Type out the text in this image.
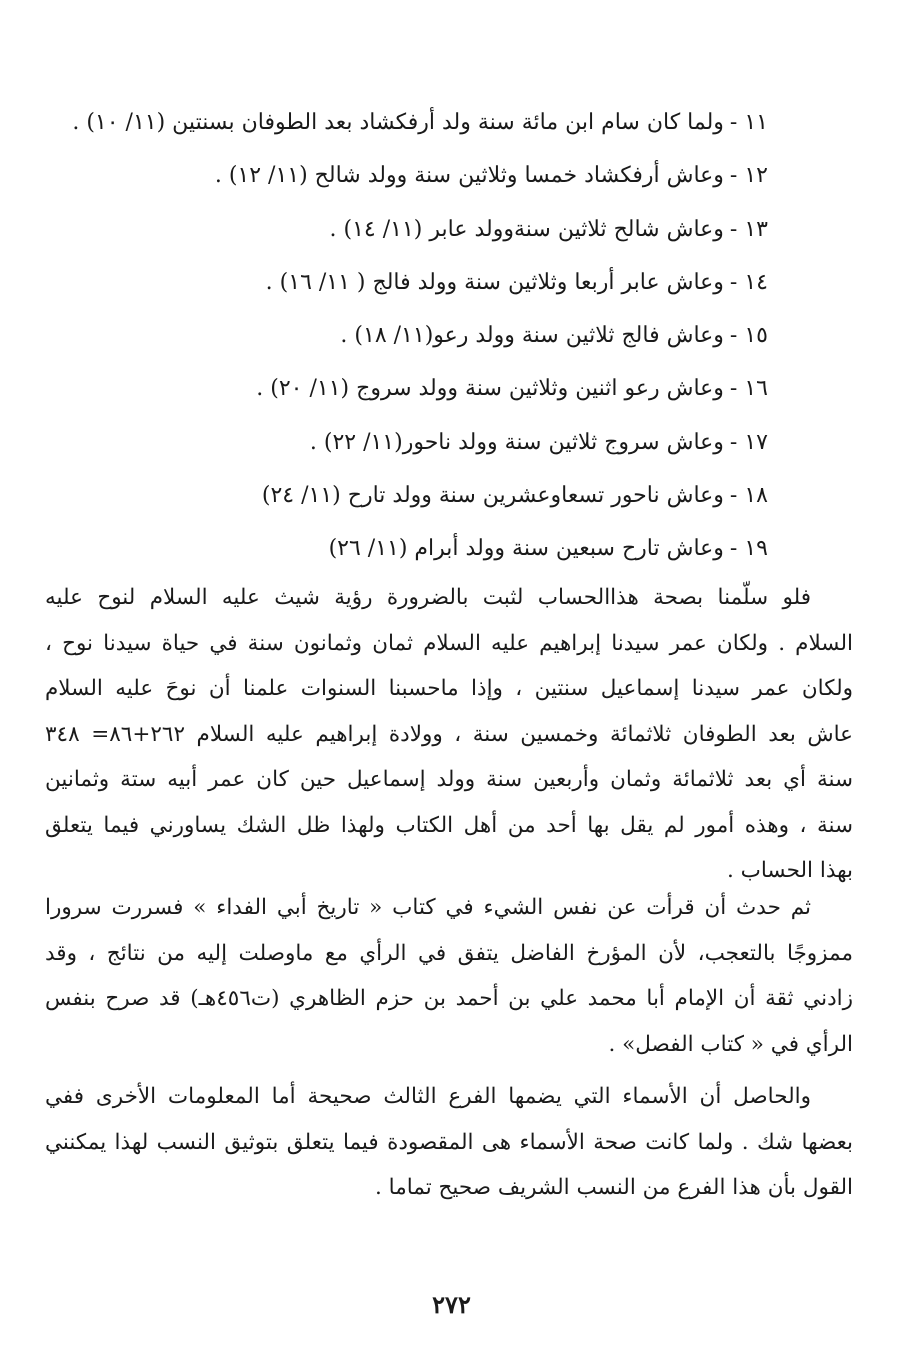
١١ -ولما كان سام ابن مائة سنة ولد أرفكشاد بعد الطوفان بسنتين (١١/ ١٠) .
١٢ -وعاش أرفكشاد خمسا وثلاثين سنة وولد شالح (١١/ ١٢) .
١٣ -وعاش شالح ثلاثين سنةوولد عابر (١١/ ١٤) .
١٤ -وعاش عابر أربعا وثلاثين سنة وولد فالج ( ١١/ ١٦) .
١٥ -وعاش فالج ثلاثين سنة وولد رعو(١١/ ١٨) .
١٦ -وعاش رعو اثنين وثلاثين سنة وولد سروج (١١/ ٢٠) .
١٧ -وعاش سروج ثلاثين سنة وولد ناحور(١١/ ٢٢) .
١٨ -وعاش ناحور تسعاوعشرين سنة وولد تارح (١١/ ٢٤)
١٩ -وعاش تارح سبعين سنة وولد أبرام (١١/ ٢٦)

فلو سلّمنا بصحة هذاالحساب لثبت بالضرورة رؤية شيث عليه السلام لنوح عليه
السلام . ولكان عمر سيدنا إبراهيم عليه السلام ثمان وثمانون سنة في حياة سيدنا نوح ،
ولكان عمر سيدنا إسماعيل سنتين ، وإذا ماحسبنا السنوات علمنا أن نوحَ عليه السلام
عاش بعد الطوفان ثلاثمائة وخمسين سنة ، وولادة إبراهيم عليه السلام ٢٦٢+٨٦= ٣٤٨
سنة أي بعد ثلاثمائة وثمان وأربعين سنة وولد إسماعيل حين كان عمر أبيه ستة وثمانين
سنة ، وهذه أمور لم يقل بها أحد من أهل الكتاب ولهذا ظل الشك يساورني فيما يتعلق
بهذا الحساب .

ثم حدث أن قرأت عن نفس الشيء في كتاب « تاريخ أبي الفداء » فسررت سرورا
ممزوجًا بالتعجب، لأن المؤرخ الفاضل يتفق في الرأي مع ماوصلت إليه من نتائج ، وقد
زادني ثقة أن الإمام أبا محمد علي بن أحمد بن حزم الظاهري (ت٤٥٦هـ) قد صرح بنفس
الرأي في « كتاب الفصل» .

والحاصل أن الأسماء التي يضمها الفرع الثالث صحيحة أما المعلومات الأخرى ففي
بعضها شك . ولما كانت صحة الأسماء هى المقصودة فيما يتعلق بتوثيق النسب لهذا يمكنني
القول بأن هذا الفرع من النسب الشريف صحيح تماما .

٢٧٢
